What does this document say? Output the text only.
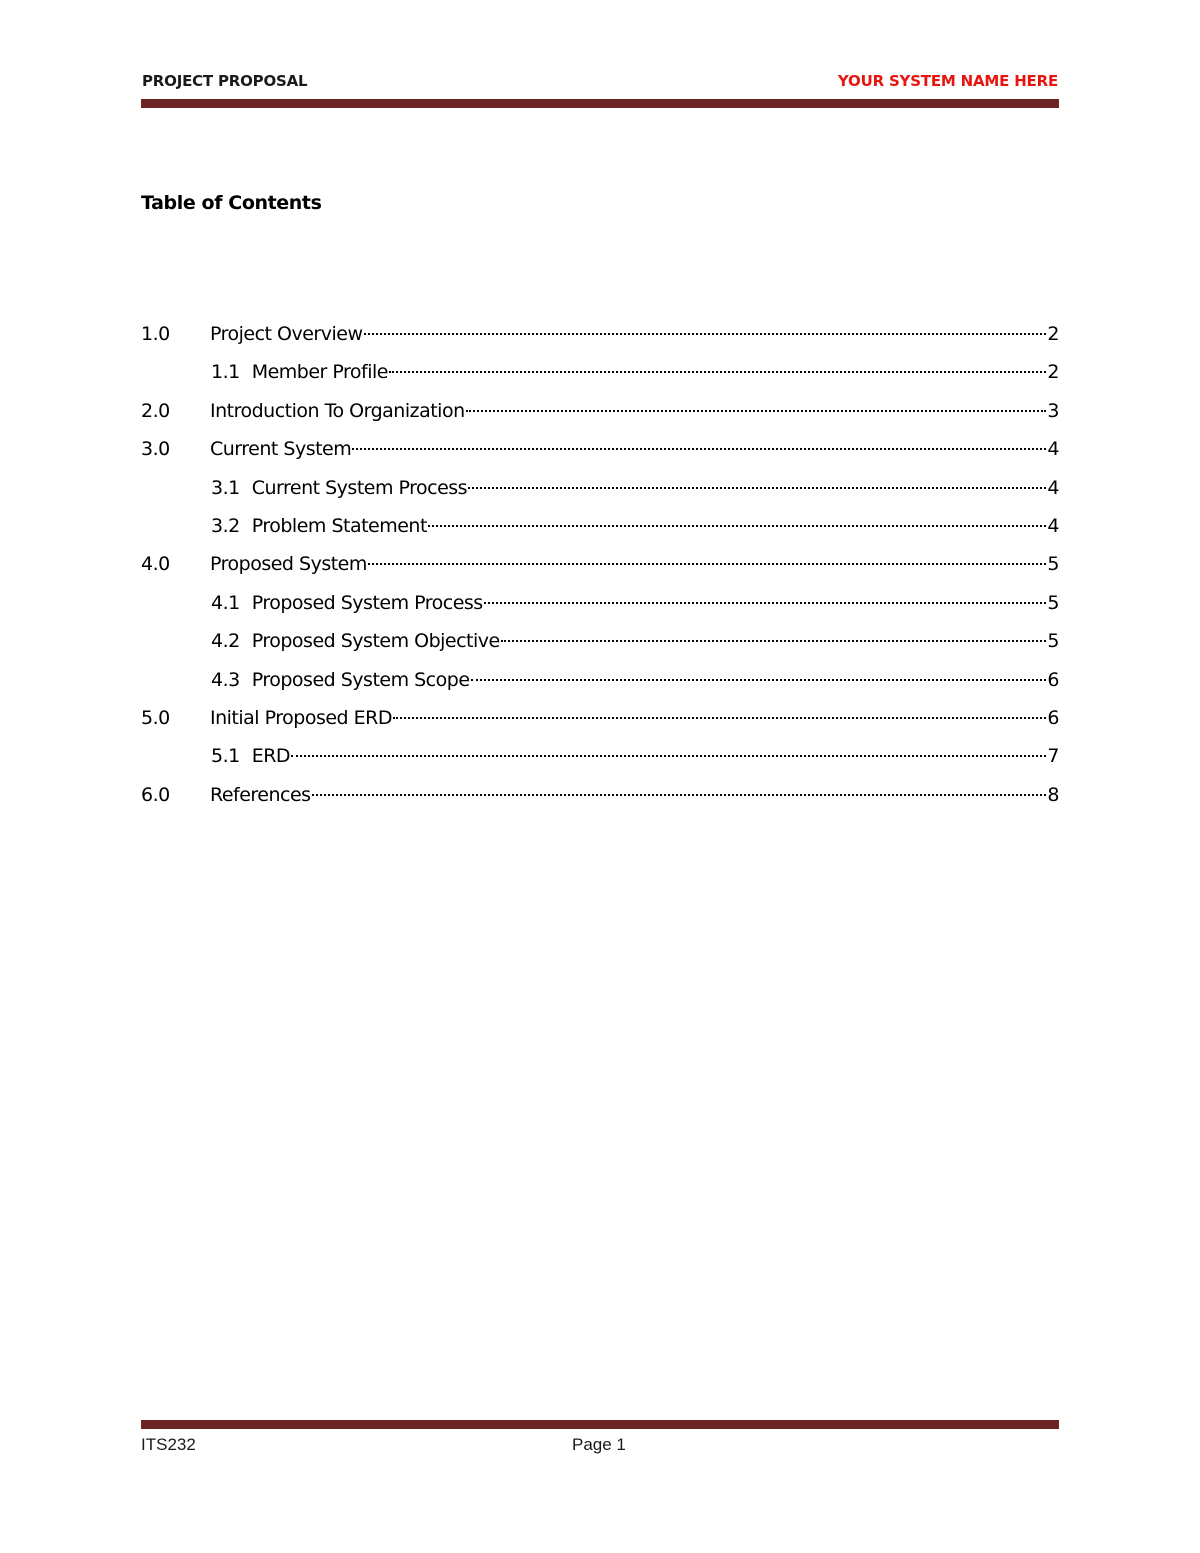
PROJECT PROPOSAL	YOUR SYSTEM NAME HERE
Table of Contents
1.0 Project Overview	2
1.1 Member Profile	2
2.0 Introduction To Organization	3
3.0 Current System	4
3.1 Current System Process	4
3.2 Problem Statement	4
4.0 Proposed System	5
4.1 Proposed System Process	5
4.2 Proposed System Objective	5
4.3 Proposed System Scope	6
5.0 Initial Proposed ERD	6
5.1 ERD	7
6.0 References	8
ITS232	Page 1
